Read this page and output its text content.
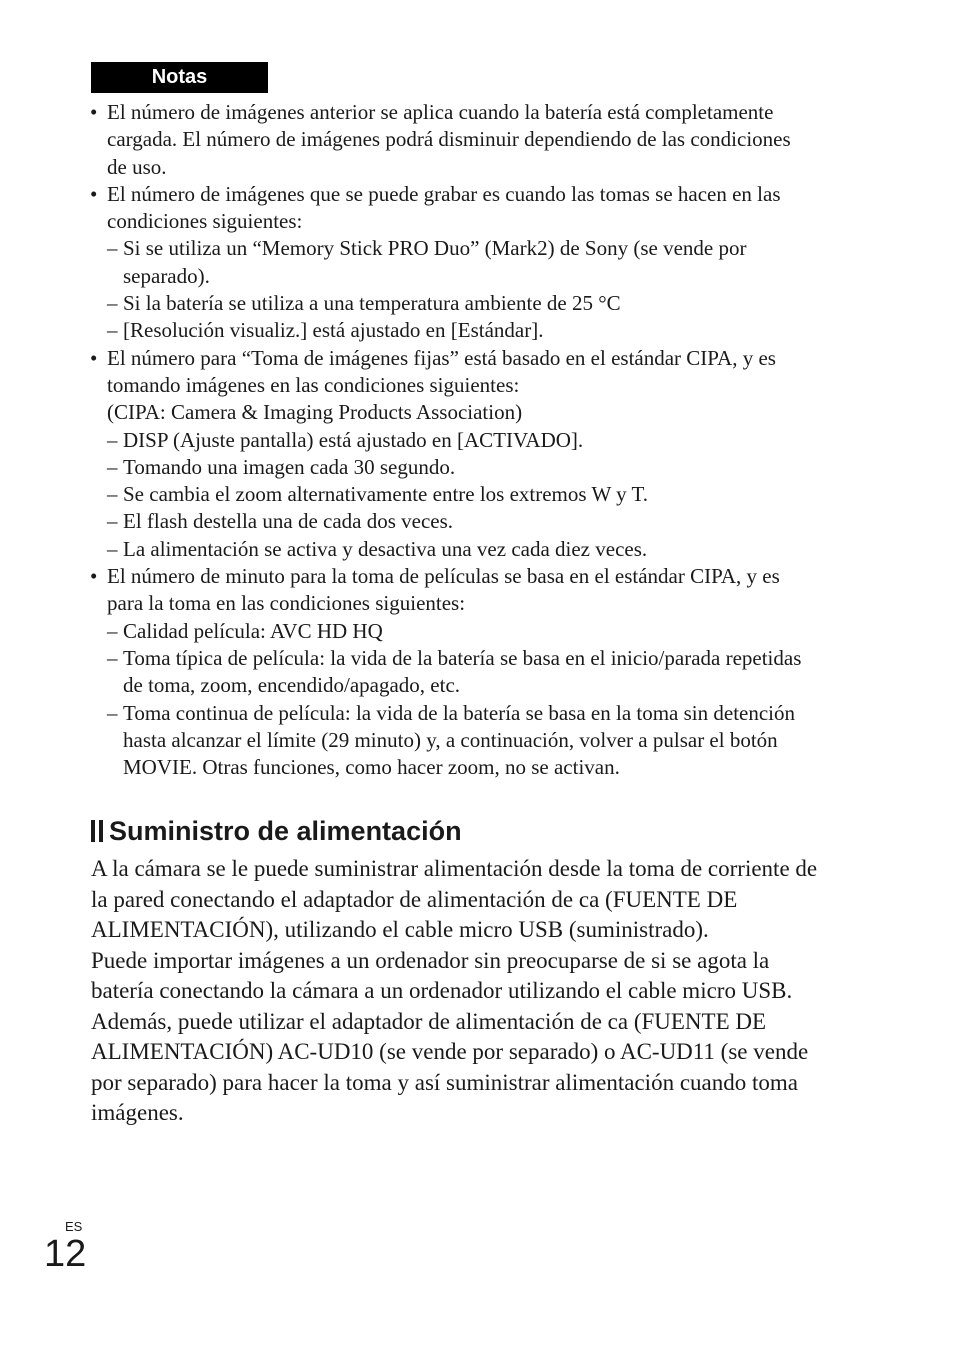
Notas
• El número de imágenes anterior se aplica cuando la batería está completamente
cargada. El número de imágenes podrá disminuir dependiendo de las condiciones
de uso.
• El número de imágenes que se puede grabar es cuando las tomas se hacen en las
condiciones siguientes:
– Si se utiliza un “Memory Stick PRO Duo” (Mark2) de Sony (se vende por
separado).
– Si la batería se utiliza a una temperatura ambiente de 25 °C
– [Resolución visualiz.] está ajustado en [Estándar].
• El número para “Toma de imágenes fijas” está basado en el estándar CIPA, y es
tomando imágenes en las condiciones siguientes:
(CIPA: Camera & Imaging Products Association)
– DISP (Ajuste pantalla) está ajustado en [ACTIVADO].
– Tomando una imagen cada 30 segundo.
– Se cambia el zoom alternativamente entre los extremos W y T.
– El flash destella una de cada dos veces.
– La alimentación se activa y desactiva una vez cada diez veces.
• El número de minuto para la toma de películas se basa en el estándar CIPA, y es
para la toma en las condiciones siguientes:
– Calidad película: AVC HD HQ
– Toma típica de película: la vida de la batería se basa en el inicio/parada repetidas
de toma, zoom, encendido/apagado, etc.
– Toma continua de película: la vida de la batería se basa en la toma sin detención
hasta alcanzar el límite (29 minuto) y, a continuación, volver a pulsar el botón
MOVIE. Otras funciones, como hacer zoom, no se activan.
Suministro de alimentación
A la cámara se le puede suministrar alimentación desde la toma de corriente de
la pared conectando el adaptador de alimentación de ca (FUENTE DE
ALIMENTACIÓN), utilizando el cable micro USB (suministrado).
Puede importar imágenes a un ordenador sin preocuparse de si se agota la
batería conectando la cámara a un ordenador utilizando el cable micro USB.
Además, puede utilizar el adaptador de alimentación de ca (FUENTE DE
ALIMENTACIÓN) AC-UD10 (se vende por separado) o AC-UD11 (se vende
por separado) para hacer la toma y así suministrar alimentación cuando toma
imágenes.
ES
12
